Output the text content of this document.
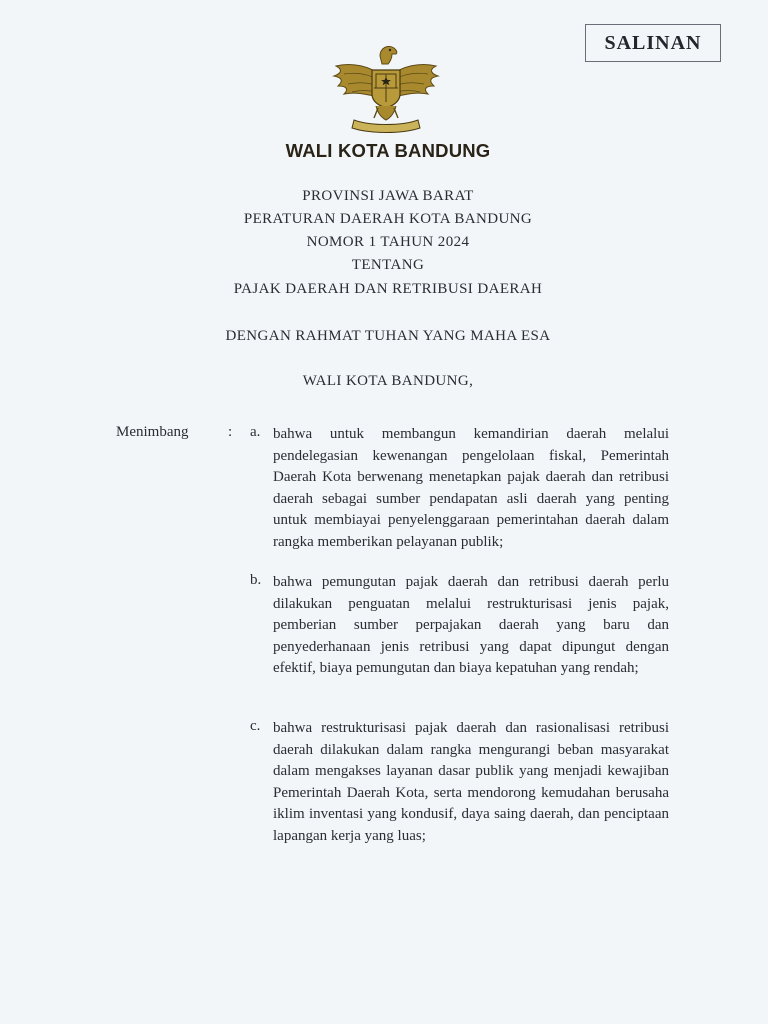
SALINAN
WALI KOTA BANDUNG
PROVINSI JAWA BARAT
PERATURAN DAERAH KOTA BANDUNG
NOMOR 1 TAHUN 2024
TENTANG
PAJAK DAERAH DAN RETRIBUSI DAERAH
DENGAN RAHMAT TUHAN YANG MAHA ESA
WALI KOTA BANDUNG,
Menimbang	: a. bahwa untuk membangun kemandirian daerah melalui pendelegasian kewenangan pengelolaan fiskal, Pemerintah Daerah Kota berwenang menetapkan pajak daerah dan retribusi daerah sebagai sumber pendapatan asli daerah yang penting untuk membiayai penyelenggaraan pemerintahan daerah dalam rangka memberikan pelayanan publik;
b. bahwa pemungutan pajak daerah dan retribusi daerah perlu dilakukan penguatan melalui restrukturisasi jenis pajak, pemberian sumber perpajakan daerah yang baru dan penyederhanaan jenis retribusi yang dapat dipungut dengan efektif, biaya pemungutan dan biaya kepatuhan yang rendah;
c. bahwa restrukturisasi pajak daerah dan rasionalisasi retribusi daerah dilakukan dalam rangka mengurangi beban masyarakat dalam mengakses layanan dasar publik yang menjadi kewajiban Pemerintah Daerah Kota, serta mendorong kemudahan berusaha iklim inventasi yang kondusif, daya saing daerah, dan penciptaan lapangan kerja yang luas;
